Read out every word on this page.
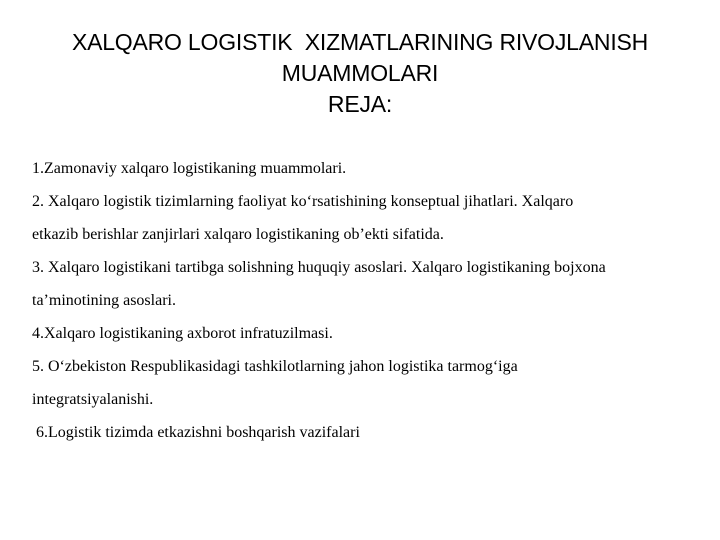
XALQARO LOGISTIK  XIZMATLARINING RIVOJLANISH
MUAMMOLARI
REJA:
1.Zamonaviy xalqaro logistikaning muammolari.
2. Xalqaro logistik tizimlarning faoliyat ko‘rsatishining konseptual jihatlari. Xalqaro
etkazib berishlar zanjirlari xalqaro logistikaning ob’ekti sifatida.
3. Xalqaro logistikani tartibga solishning huquqiy asoslari. Xalqaro logistikaning bojxona
ta’minotining asoslari.
4.Xalqaro logistikaning axborot infratuzilmasi.
5. O‘zbekiston Respublikasidagi tashkilotlarning jahon logistika tarmog‘iga
integratsiyalanishi.
6.Logistik tizimda etkazishni boshqarish vazifalari
